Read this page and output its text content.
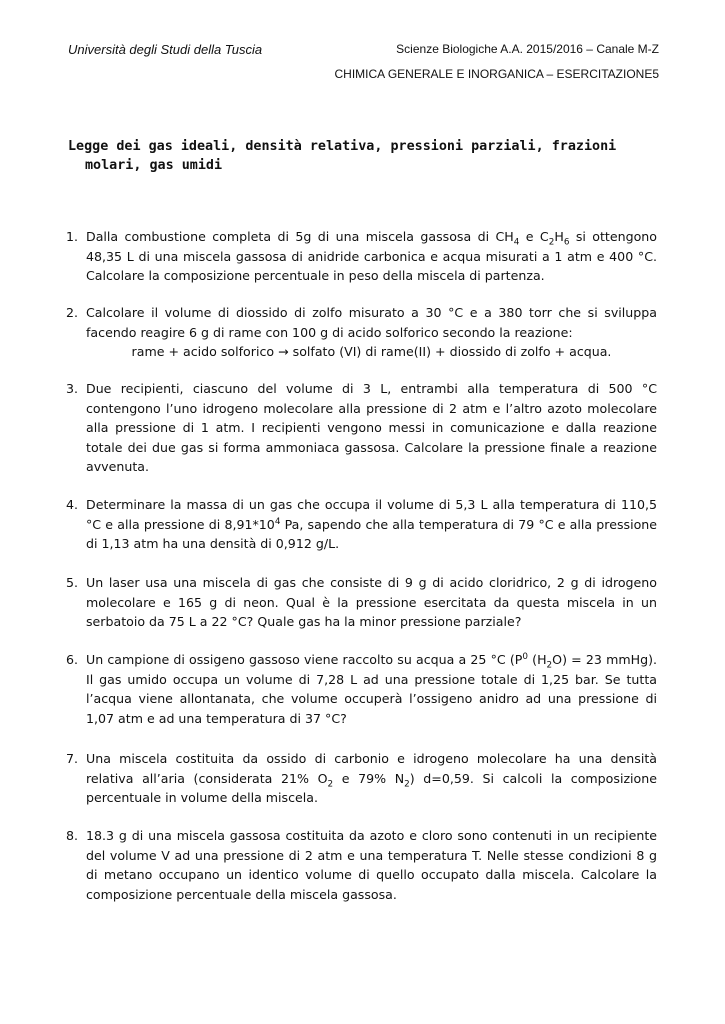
Università degli Studi della Tuscia	Scienze Biologiche A.A. 2015/2016 – Canale M-Z
CHIMICA GENERALE E INORGANICA – ESERCITAZIONE5
Legge dei gas ideali, densità relativa, pressioni parziali, frazioni
molari, gas umidi
1. Dalla combustione completa di 5g di una miscela gassosa di $CH_4$ e $C_2H_6$ si ottengono 48,35 L di una miscela gassosa di anidride carbonica e acqua misurati a 1 atm e 400 °C. Calcolare la composizione percentuale in peso della miscela di partenza.
2. Calcolare il volume di diossido di zolfo misurato a 30 °C e a 380 torr che si sviluppa facendo reagire 6 g di rame con 100 g di acido solforico secondo la reazione:
rame + acido solforico → solfato (VI) di rame(II) + diossido di zolfo + acqua.
3. Due recipienti, ciascuno del volume di 3 L, entrambi alla temperatura di 500 °C contengono l’uno idrogeno molecolare alla pressione di 2 atm e l’altro azoto molecolare alla pressione di 1 atm. I recipienti vengono messi in comunicazione e dalla reazione totale dei due gas si forma ammoniaca gassosa. Calcolare la pressione finale a reazione avvenuta.
4. Determinare la massa di un gas che occupa il volume di 5,3 L alla temperatura di 110,5 °C e alla pressione di $8,91*10^4$ Pa, sapendo che alla temperatura di 79 °C e alla pressione di 1,13 atm ha una densità di 0,912 g/L.
5. Un laser usa una miscela di gas che consiste di 9 g di acido cloridrico, 2 g di idrogeno molecolare e 165 g di neon. Qual è la pressione esercitata da questa miscela in un serbatoio da 75 L a 22 °C? Quale gas ha la minor pressione parziale?
6. Un campione di ossigeno gassoso viene raccolto su acqua a 25 °C ($P^0$ $(H_2O) = 23$ mmHg). Il gas umido occupa un volume di 7,28 L ad una pressione totale di 1,25 bar. Se tutta l’acqua viene allontanata, che volume occuperà l’ossigeno anidro ad una pressione di 1,07 atm e ad una temperatura di 37 °C?
7. Una miscela costituita da ossido di carbonio e idrogeno molecolare ha una densità relativa all’aria (considerata 21% $O_2$ e 79% $N_2$) d=0,59. Si calcoli la composizione percentuale in volume della miscela.
8. 18.3 g di una miscela gassosa costituita da azoto e cloro sono contenuti in un recipiente del volume V ad una pressione di 2 atm e una temperatura T. Nelle stesse condizioni 8 g di metano occupano un identico volume di quello occupato dalla miscela. Calcolare la composizione percentuale della miscela gassosa.
